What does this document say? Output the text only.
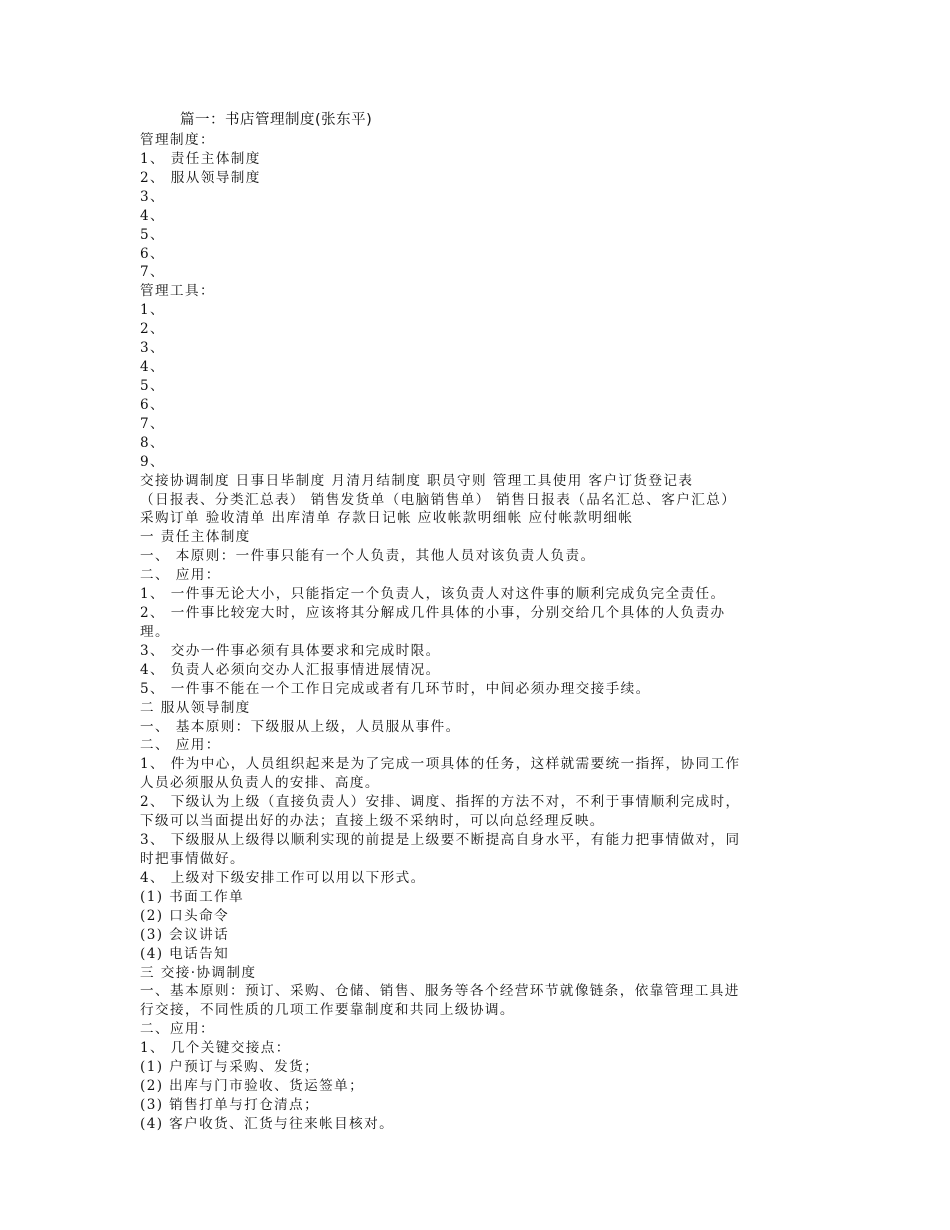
篇一：书店管理制度(张东平)
管理制度：
1、 责任主体制度
2、 服从领导制度
3、
4、
5、
6、
7、
管理工具：
1、
2、
3、
4、
5、
6、
7、
8、
9、
交接协调制度 日事日毕制度 月清月结制度 职员守则 管理工具使用 客户订货登记表
（日报表、分类汇总表） 销售发货单（电脑销售单） 销售日报表（品名汇总、客户汇总）
采购订单 验收清单 出库清单 存款日记帐 应收帐款明细帐 应付帐款明细帐
一 责任主体制度
一、 本原则：一件事只能有一个人负责，其他人员对该负责人负责。
二、 应用：
1、 一件事无论大小，只能指定一个负责人，该负责人对这件事的顺利完成负完全责任。
2、 一件事比较宠大时，应该将其分解成几件具体的小事，分别交给几个具体的人负责办
理。
3、 交办一件事必须有具体要求和完成时限。
4、 负责人必须向交办人汇报事情进展情况。
5、 一件事不能在一个工作日完成或者有几环节时，中间必须办理交接手续。
二 服从领导制度
一、 基本原则：下级服从上级，人员服从事件。
二、 应用：
1、 件为中心，人员组织起来是为了完成一项具体的任务，这样就需要统一指挥，协同工作
人员必须服从负责人的安排、高度。
2、 下级认为上级（直接负责人）安排、调度、指挥的方法不对，不利于事情顺利完成时，
下级可以当面提出好的办法；直接上级不采纳时，可以向总经理反映。
3、 下级服从上级得以顺利实现的前提是上级要不断提高自身水平，有能力把事情做对，同
时把事情做好。
4、 上级对下级安排工作可以用以下形式。
(1) 书面工作单
(2) 口头命令
(3) 会议讲话
(4) 电话告知
三 交接·协调制度
一、基本原则：预订、采购、仓储、销售、服务等各个经营环节就像链条，依靠管理工具进
行交接，不同性质的几项工作要靠制度和共同上级协调。
二、应用：
1、 几个关键交接点：
(1) 户预订与采购、发货；
(2) 出库与门市验收、货运签单；
(3) 销售打单与打仓清点；
(4) 客户收货、汇货与往来帐目核对。
